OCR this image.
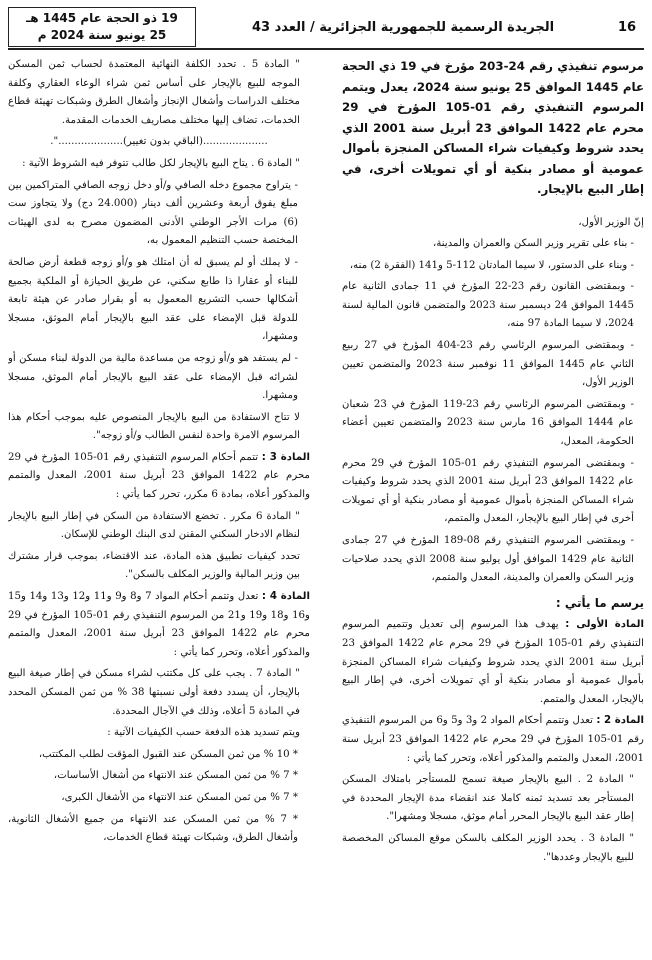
16
الجريدة الرسمية للجمهورية الجزائرية / العدد 43
19 ذو الحجة عام 1445 هـ
25 يونيو سنة 2024 م

مرسوم تنفيذي رقم 24-203 مؤرخ في 19 ذي الحجة عام 1445 الموافق 25 يونيو سنة 2024، يعدل ويتمم المرسوم التنفيذي رقم 01-105 المؤرخ في 29 محرم عام 1422 الموافق 23 أبريل سنة 2001 الذي يحدد شروط وكيفيات شراء المساكن المنجزة بأموال عمومية أو مصادر بنكية أو أي تمويلات أخرى، في إطار البيع بالإيجار.

إنّ الوزير الأول،

- بناء على تقرير وزير السكن والعمران والمدينة،

- وبناء على الدستور، لا سيما المادتان 112-5 و141 (الفقرة 2) منه،

- وبمقتضى القانون رقم 23-22 المؤرخ في 11 جمادى الثانية عام 1445 الموافق 24 ديسمبر سنة 2023 والمتضمن قانون المالية لسنة 2024، لا سيما المادة 97 منه،

- وبمقتضى المرسوم الرئاسي رقم 23-404 المؤرخ في 27 ربيع الثاني عام 1445 الموافق 11 نوفمبر سنة 2023 والمتضمن تعيين الوزير الأول،

- وبمقتضى المرسوم الرئاسي رقم 23-119 المؤرخ في 23 شعبان عام 1444 الموافق 16 مارس سنة 2023 والمتضمن تعيين أعضاء الحكومة، المعدل،

- وبمقتضى المرسوم التنفيذي رقم 01-105 المؤرخ في 29 محرم عام 1422 الموافق 23 أبريل سنة 2001 الذي يحدد شروط وكيفيات شراء المساكن المنجزة بأموال عمومية أو مصادر بنكية أو أي تمويلات أخرى في إطار البيع بالإيجار، المعدل والمتمم،

- وبمقتضى المرسوم التنفيذي رقم 08-189 المؤرخ في 27 جمادى الثانية عام 1429 الموافق أول يوليو سنة 2008 الذي يحدد صلاحيات وزير السكن والعمران والمدينة، المعدل والمتمم،

يرسم ما يأتي :

المادة الأولى : يهدف هذا المرسوم إلى تعديل وتتميم المرسوم التنفيذي رقم 01-105 المؤرخ في 29 محرم عام 1422 الموافق 23 أبريل سنة 2001 الذي يحدد شروط وكيفيات شراء المساكن المنجزة بأموال عمومية أو مصادر بنكية أو أي تمويلات أخرى، في إطار البيع بالإيجار، المعدل والمتمم.

المادة 2 : تعدل وتتمم أحكام المواد 2 و3 و5 و6 من المرسوم التنفيذي رقم 01-105 المؤرخ في 29 محرم عام 1422 الموافق 23 أبريل سنة 2001، المعدل والمتمم والمذكور أعلاه، وتحرر كما يأتي :

" المادة 2 . البيع بالإيجار صيغة تسمح للمستأجر بامتلاك المسكن المستأجر بعد تسديد ثمنه كاملا عند انقضاء مدة الإيجار المحددة في إطار عقد البيع بالإيجار المحرر أمام موثق، مسجلا ومشهرا".

" المادة 3 . يحدد الوزير المكلف بالسكن موقع المساكن المخصصة للبيع بالإيجار وعددها".

" المادة 5 . تحدد الكلفة النهائية المعتمدة لحساب ثمن المسكن الموجه للبيع بالإيجار على أساس ثمن شراء الوعاء العقاري وكلفة مختلف الدراسات وأشغال الإنجاز وأشغال الطرق وشبكات تهيئة قطاع الخدمات، تضاف إليها مختلف مصاريف الخدمات المقدمة.

....................(الباقي بدون تغيير)....................".

" المادة 6 . يتاح البيع بالإيجار لكل طالب تتوفر فيه الشروط الآتية :

- يتراوح مجموع دخله الصافي و/أو دخل زوجه الصافي المتراكمين بين مبلغ يفوق أربعة وعشرين ألف دينار (24.000 دج) ولا يتجاوز ست (6) مرات الأجر الوطني الأدنى المضمون مصرح به لدى الهيئات المختصة حسب التنظيم المعمول به،

- لا يملك أو لم يسبق له أن امتلك هو و/أو زوجه قطعة أرض صالحة للبناء أو عقارا ذا طابع سكني، عن طريق الحيازة أو الملكية بجميع أشكالها حسب التشريع المعمول به أو بقرار صادر عن هيئة تابعة للدولة قبل الإمضاء على عقد البيع بالإيجار أمام الموثق، مسجلا ومشهرا،

- لم يستفد هو و/أو زوجه من مساعدة مالية من الدولة لبناء مسكن أو لشرائه قبل الإمضاء على عقد البيع بالإيجار أمام الموثق، مسجلا ومشهرا.

لا تتاح الاستفادة من البيع بالإيجار المنصوص عليه بموجب أحكام هذا المرسوم الامرة واحدة لنفس الطالب و/أو زوجه".

المادة 3 : تتمم أحكام المرسوم التنفيذي رقم 01-105 المؤرخ في 29 محرم عام 1422 الموافق 23 أبريل سنة 2001، المعدل والمتمم والمذكور أعلاه، بمادة 6 مكرر، تحرر كما يأتي :

" المادة 6 مكرر . تخضع الاستفادة من السكن في إطار البيع بالإيجار لنظام الادخار السكني المقنن لدى البنك الوطني للإسكان.

تحدد كيفيات تطبيق هذه المادة، عند الاقتضاء، بموجب قرار مشترك بين وزير المالية والوزير المكلف بالسكن".

المادة 4 : تعدل وتتمم أحكام المواد 7 و8 و9 و11 و12 و13 و14 و15 و16 و18 و19 و21 من المرسوم التنفيذي رقم 01-105 المؤرخ في 29 محرم عام 1422 الموافق 23 أبريل سنة 2001، المعدل والمتمم والمذكور أعلاه، وتحرر كما يأتي :

" المادة 7 . يجب على كل مكتتب لشراء مسكن في إطار صيغة البيع بالإيجار، أن يسدد دفعة أولى نسبتها 38 % من ثمن المسكن المحدد في المادة 5 أعلاه، وذلك في الآجال المحددة.

ويتم تسديد هذه الدفعة حسب الكيفيات الآتية :

* 10 % من ثمن المسكن عند القبول المؤقت لطلب المكتتب،

* 7 % من ثمن المسكن عند الانتهاء من أشغال الأساسات،

* 7 % من ثمن المسكن عند الانتهاء من الأشغال الكبرى،

* 7 % من ثمن المسكن عند الانتهاء من جميع الأشغال الثانوية، وأشغال الطرق، وشبكات تهيئة قطاع الخدمات،
